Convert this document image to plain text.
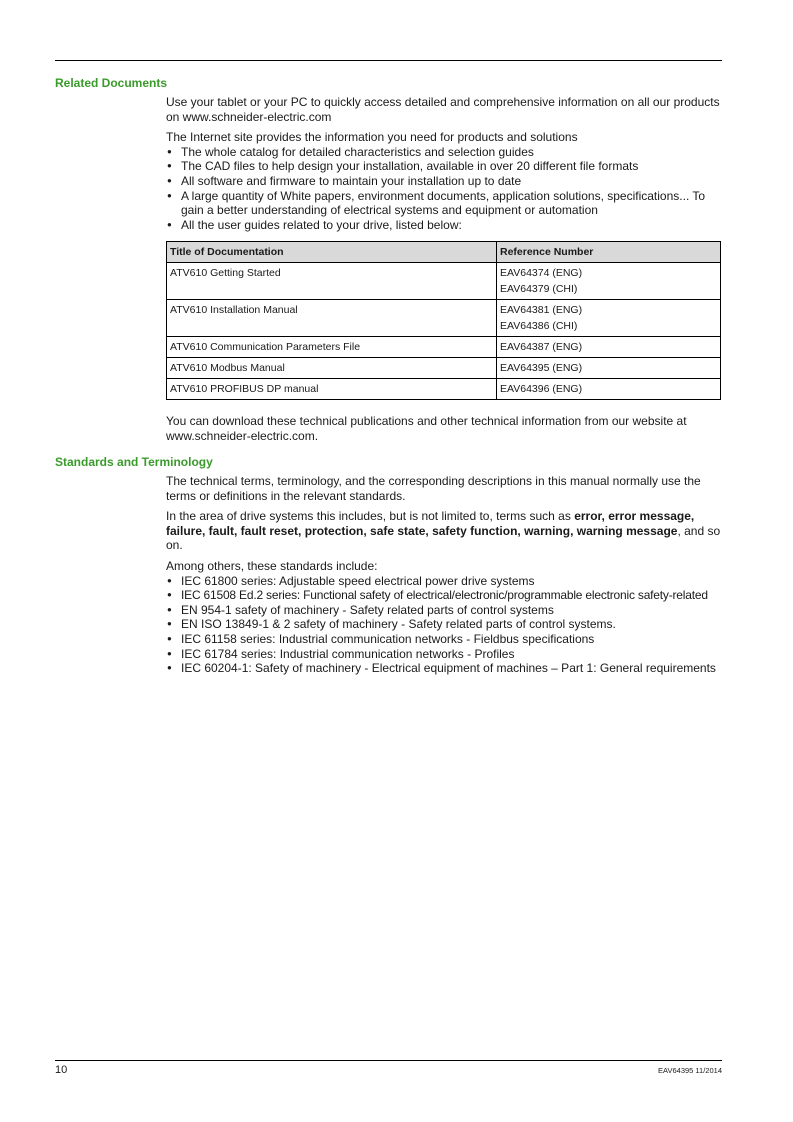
Related Documents

Use your tablet or your PC to quickly access detailed and comprehensive information on all our products
on www.schneider-electric.com

The Internet site provides the information you need for products and solutions
● The whole catalog for detailed characteristics and selection guides
● The CAD files to help design your installation, available in over 20 different file formats
● All software and firmware to maintain your installation up to date
● A large quantity of White papers, environment documents, application solutions, specifications... To gain a better understanding of electrical systems and equipment or automation
● All the user guides related to your drive, listed below:
Title of Documentation	Reference Number
ATV610 Getting Started	EAV64374 (ENG)
EAV64379 (CHI)

ATV610 Installation Manual	EAV64381 (ENG)
EAV64386 (CHI)

ATV610 Communication Parameters File	EAV64387 (ENG)

ATV610 Modbus Manual	EAV64395 (ENG)

ATV610 PROFIBUS DP manual	EAV64396 (ENG)

You can download these technical publications and other technical information from our website at
www.schneider-electric.com.

Standards and Terminology

The technical terms, terminology, and the corresponding descriptions in this manual normally use the terms or definitions in the relevant standards.

In the area of drive systems this includes, but is not limited to, terms such as error, error message, failure, fault, fault reset, protection, safe state, safety function, warning, warning message, and so on.

Among others, these standards include:
● IEC 61800 series: Adjustable speed electrical power drive systems
● IEC 61508 Ed.2 series: Functional safety of electrical/electronic/programmable electronic safety-related
● EN 954-1 safety of machinery - Safety related parts of control systems
● EN ISO 13849-1 & 2 safety of machinery - Safety related parts of control systems.
● IEC 61158 series: Industrial communication networks - Fieldbus specifications
● IEC 61784 series: Industrial communication networks - Profiles
● IEC 60204-1: Safety of machinery - Electrical equipment of machines – Part 1: General requirements
10	EAV64395 11/2014
